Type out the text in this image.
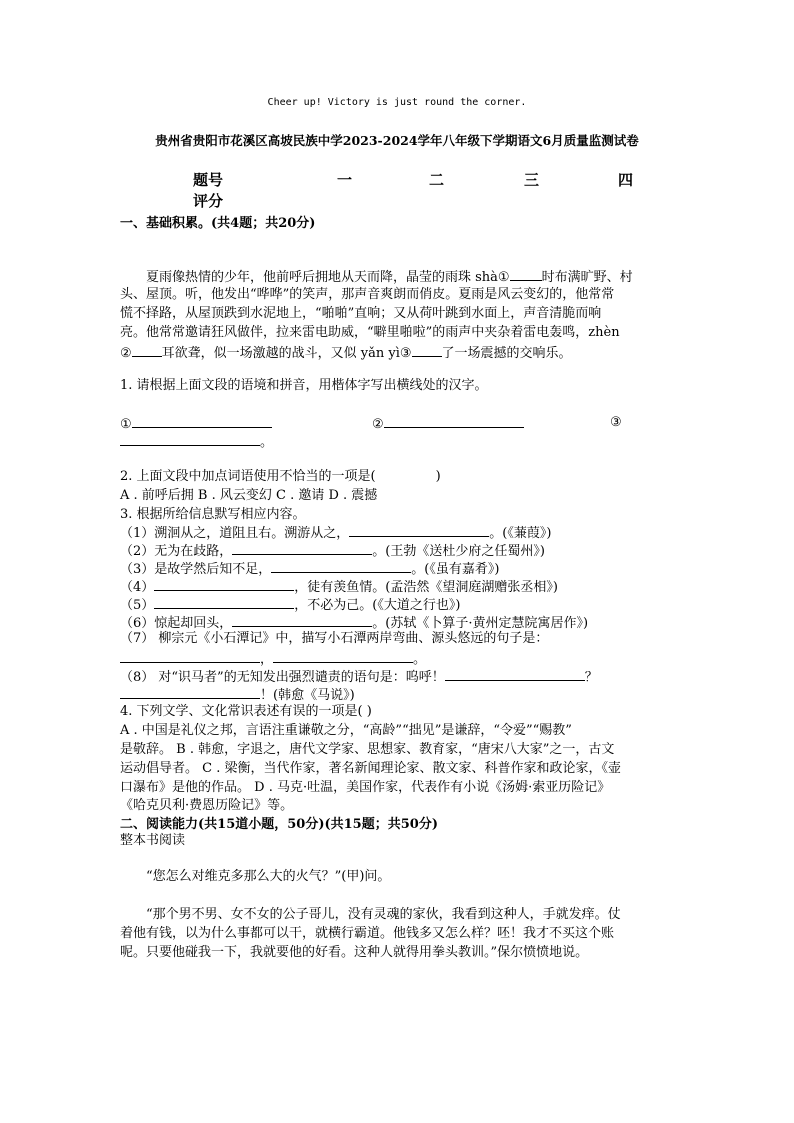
Cheer up! Victory is just round the corner.
贵州省贵阳市花溪区高坡民族中学2023-2024学年八年级下学期语文6月质量监测试卷
题号	一	二	三	四
评分
一、基础积累。(共4题；共20分)
夏雨像热情的少年，他前呼后拥地从天而降，晶莹的雨珠 shà① 时布满旷野、村
头、屋顶。听，他发出“哗哗”的笑声，那声音爽朗而俏皮。夏雨是风云变幻的，他常常
慌不择路，从屋顶跌到水泥地上，“啪啪”直响；又从荷叶跳到水面上，声音清脆而响
亮。他常常邀请狂风做伴，拉来雷电助威，“噼里啪啦”的雨声中夹杂着雷电轰鸣，zhèn
② 耳欲聋，似一场激越的战斗，又似 yǎn yì③ 了一场震撼的交响乐。
1. 请根据上面文段的语境和拼音，用楷体字写出横线处的汉字。
①	②	③
。
2. 上面文段中加点词语使用不恰当的一项是(	)
A . 前呼后拥 B . 风云变幻 C . 邀请 D . 震撼
3. 根据所给信息默写相应内容。
（1）溯洄从之，道阻且右。溯游从之，	。(《蒹葭》)
（2）无为在歧路，	。(王勃《送杜少府之任蜀州》)
（3）是故学然后知不足，	。(《虽有嘉肴》)
（4）	，徒有羡鱼情。(孟浩然《望洞庭湖赠张丞相》)
（5）	，不必为己。(《大道之行也》)
（6）惊起却回头，	。(苏轼《卜算子·黄州定慧院寓居作》)
（7） 柳宗元《小石潭记》中，描写小石潭两岸弯曲、源头悠远的句子是：
，	。
（8） 对“识马者”的无知发出强烈谴责的语句是：呜呼！	？
！(韩愈《马说》)
4. 下列文学、文化常识表述有误的一项是( )
A . 中国是礼仪之邦，言语注重谦敬之分，“高龄”“拙见”是谦辞，“令爱”“赐教”
是敬辞。 B . 韩愈，字退之，唐代文学家、思想家、教育家，“唐宋八大家”之一，古文
运动倡导者。 C . 梁衡，当代作家，著名新闻理论家、散文家、科普作家和政论家，《壶
口瀑布》是他的作品。 D . 马克·吐温，美国作家，代表作有小说《汤姆·索亚历险记》
《哈克贝利·费恩历险记》等。
二、阅读能力(共15道小题，50分)(共15题；共50分)
整本书阅读
“您怎么对维克多那么大的火气？”(甲)问。
“那个男不男、女不女的公子哥儿，没有灵魂的家伙，我看到这种人，手就发痒。仗
着他有钱，以为什么事都可以干，就横行霸道。他钱多又怎么样？呸！我才不买这个账
呢。只要他碰我一下，我就要他的好看。这种人就得用拳头教训。”保尔愤愤地说。
